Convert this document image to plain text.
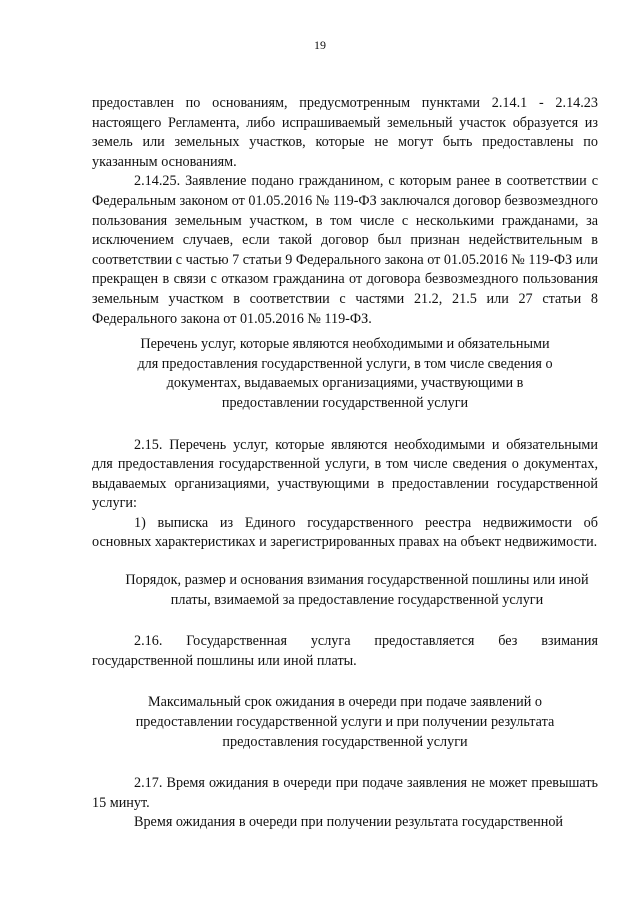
19

предоставлен по основаниям, предусмотренным пунктами 2.14.1 - 2.14.23 настоящего Регламента, либо испрашиваемый земельный участок образуется из земель или земельных участков, которые не могут быть предоставлены по указанным основаниям.

2.14.25. Заявление подано гражданином, с которым ранее в соответствии с Федеральным законом от 01.05.2016 № 119-ФЗ заключался договор безвозмездного пользования земельным участком, в том числе с несколькими гражданами, за исключением случаев, если такой договор был признан недействительным в соответствии с частью 7 статьи 9 Федерального закона от 01.05.2016 № 119-ФЗ или прекращен в связи с отказом гражданина от договора безвозмездного пользования земельным участком в соответствии с частями 21.2, 21.5 или 27 статьи 8 Федерального закона от 01.05.2016 № 119-ФЗ.

Перечень услуг, которые являются необходимыми и обязательными для предоставления государственной услуги, в том числе сведения о документах, выдаваемых организациями, участвующими в предоставлении государственной услуги

2.15. Перечень услуг, которые являются необходимыми и обязательными для предоставления государственной услуги, в том числе сведения о документах, выдаваемых организациями, участвующими в предоставлении государственной услуги:

1) выписка из Единого государственного реестра недвижимости об основных характеристиках и зарегистрированных правах на объект недвижимости.

Порядок, размер и основания взимания государственной пошлины или иной платы, взимаемой за предоставление государственной услуги

2.16. Государственная услуга предоставляется без взимания государственной пошлины или иной платы.

Максимальный срок ожидания в очереди при подаче заявлений о предоставлении государственной услуги и при получении результата предоставления государственной услуги

2.17. Время ожидания в очереди при подаче заявления не может превышать 15 минут.

Время ожидания в очереди при получении результата государственной
